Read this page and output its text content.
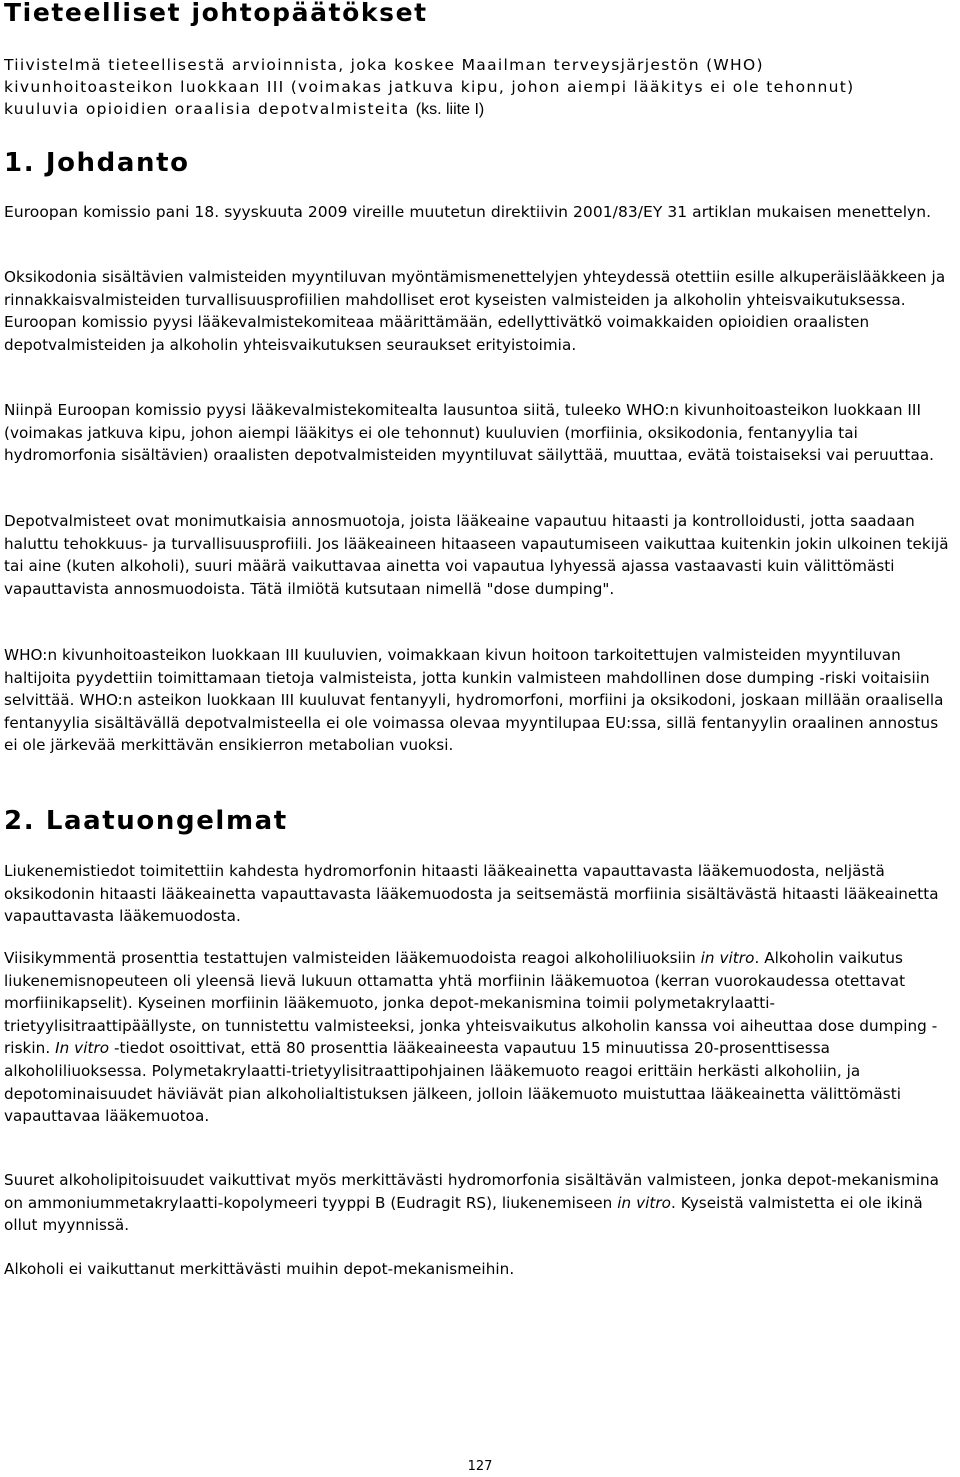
Tieteelliset johtopäätökset

Tiivistelmä tieteellisestä arvioinnista, joka koskee Maailman terveysjärjestön (WHO) kivunhoitoasteikon luokkaan III (voimakas jatkuva kipu, johon aiempi lääkitys ei ole tehonnut) kuuluvia opioidien oraalisia depotvalmisteita (ks. liite I)

1. Johdanto

Euroopan komissio pani 18. syyskuuta 2009 vireille muutetun direktiivin 2001/83/EY 31 artiklan mukaisen menettelyn.

Oksikodonia sisältävien valmisteiden myyntiluvan myöntämismenettelyjen yhteydessä otettiin esille alkuperäislääkkeen ja rinnakkaisvalmisteiden turvallisuusprofiilien mahdolliset erot kyseisten valmisteiden ja alkoholin yhteisvaikutuksessa. Euroopan komissio pyysi lääkevalmistekomiteaa määrittämään, edellyttivätkö voimakkaiden opioidien oraalisten depotvalmisteiden ja alkoholin yhteisvaikutuksen seuraukset erityistoimia.

Niinpä Euroopan komissio pyysi lääkevalmistekomitealta lausuntoa siitä, tuleeko WHO:n kivunhoitoasteikon luokkaan III (voimakas jatkuva kipu, johon aiempi lääkitys ei ole tehonnut) kuuluvien (morfiinia, oksikodonia, fentanyylia tai hydromorfonia sisältävien) oraalisten depotvalmisteiden myyntiluvat säilyttää, muuttaa, evätä toistaiseksi vai peruuttaa.

Depotvalmisteet ovat monimutkaisia annosmuotoja, joista lääkeaine vapautuu hitaasti ja kontrolloidusti, jotta saadaan haluttu tehokkuus- ja turvallisuusprofiili. Jos lääkeaineen hitaaseen vapautumiseen vaikuttaa kuitenkin jokin ulkoinen tekijä tai aine (kuten alkoholi), suuri määrä vaikuttavaa ainetta voi vapautua lyhyessä ajassa vastaavasti kuin välittömästi vapauttavista annosmuodoista. Tätä ilmiötä kutsutaan nimellä "dose dumping".

WHO:n kivunhoitoasteikon luokkaan III kuuluvien, voimakkaan kivun hoitoon tarkoitettujen valmisteiden myyntiluvan haltijoita pyydettiin toimittamaan tietoja valmisteista, jotta kunkin valmisteen mahdollinen dose dumping -riski voitaisiin selvittää. WHO:n asteikon luokkaan III kuuluvat fentanyyli, hydromorfoni, morfiini ja oksikodoni, joskaan millään oraalisella fentanyylia sisältävällä depotvalmisteella ei ole voimassa olevaa myyntilupaa EU:ssa, sillä fentanyylin oraalinen annostus ei ole järkevää merkittävän ensikierron metabolian vuoksi.

2. Laatuongelmat

Liukenemistiedot toimitettiin kahdesta hydromorfonin hitaasti lääkeainetta vapauttavasta lääkemuodosta, neljästä oksikodonin hitaasti lääkeainetta vapauttavasta lääkemuodosta ja seitsemästä morfiinia sisältävästä hitaasti lääkeainetta vapauttavasta lääkemuodosta.

Viisikymmentä prosenttia testattujen valmisteiden lääkemuodoista reagoi alkoholiliuoksiin in vitro. Alkoholin vaikutus liukenemisnopeuteen oli yleensä lievä lukuun ottamatta yhtä morfiinin lääkemuotoa (kerran vuorokaudessa otettavat morfiinikapselit). Kyseinen morfiinin lääkemuoto, jonka depot-mekanismina toimii polymetakrylaatti-trietyylisitraattipäällyste, on tunnistettu valmisteeksi, jonka yhteisvaikutus alkoholin kanssa voi aiheuttaa dose dumping -riskin. In vitro -tiedot osoittivat, että 80 prosenttia lääkeaineesta vapautuu 15 minuutissa 20-prosenttisessa alkoholiliuoksessa. Polymetakrylaatti-trietyylisitraattipohjainen lääkemuoto reagoi erittäin herkästi alkoholiin, ja depotominaisuudet häviävät pian alkoholialtistuksen jälkeen, jolloin lääkemuoto muistuttaa lääkeainetta välittömästi vapauttavaa lääkemuotoa.

Suuret alkoholipitoisuudet vaikuttivat myös merkittävästi hydromorfonia sisältävän valmisteen, jonka depot-mekanismina on ammoniummetakrylaatti-kopolymeeri tyyppi B (Eudragit RS), liukenemiseen in vitro. Kyseistä valmistetta ei ole ikinä ollut myynnissä.

Alkoholi ei vaikuttanut merkittävästi muihin depot-mekanismeihin.

127
